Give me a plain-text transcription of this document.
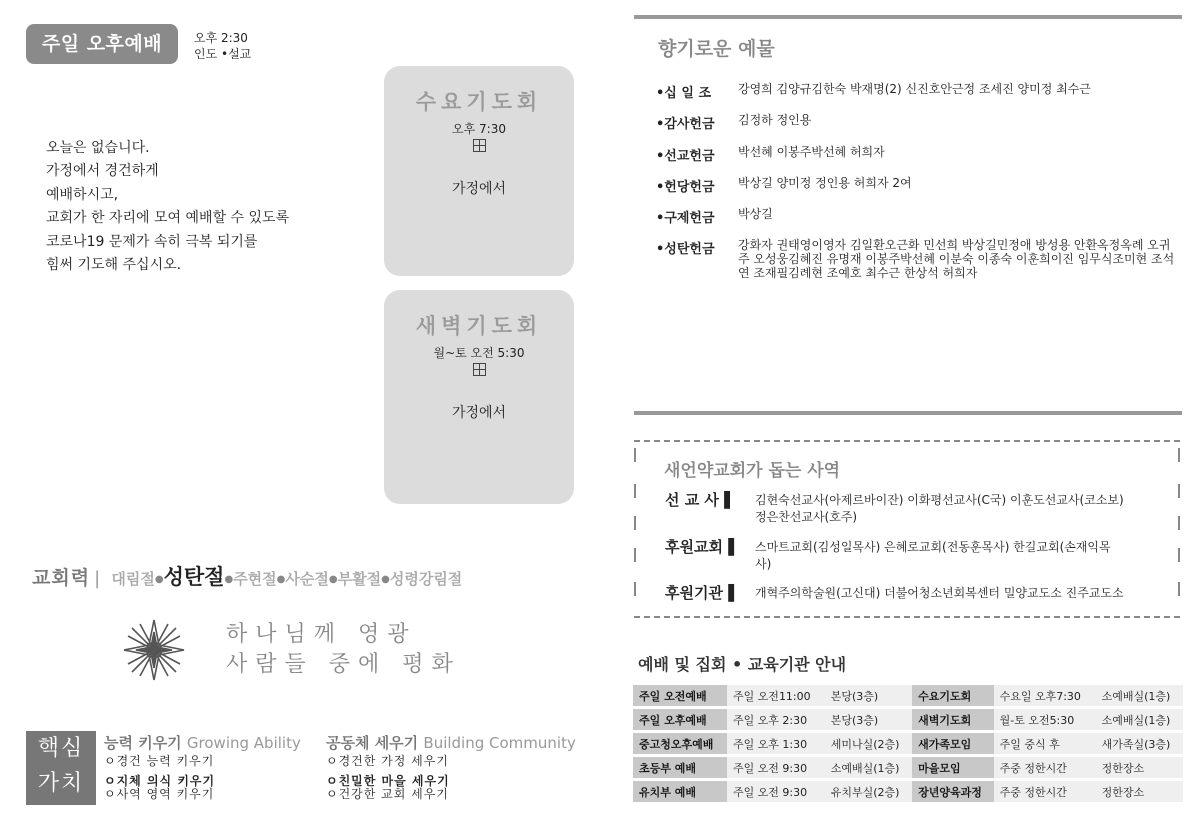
주일 오후예배	오후 2:30
인도 •설교
오늘은 없습니다.
가정에서 경건하게
예배하시고,
교회가 한 자리에 모여 예배할 수 있도록
코로나19 문제가 속히 극복 되기를
힘써 기도해 주십시오.
수요기도회
오후 7:30
가정에서
새벽기도회
월~토 오전 5:30
가정에서
교회력 | 대림절●성탄절●주현절●사순절●부활절●성령강림절
하나님께 영광
사람들 중에 평화
핵심
가치
능력 키우기 Growing Ability
ㅇ경건 능력 키우기
ㅇ지체 의식 키우기
ㅇ사역 영역 키우기
공동체 세우기 Building Community
ㅇ경건한 가정 세우기
ㅇ친밀한 마을 세우기
ㅇ건강한 교회 세우기
향기로운 예물
•십 일 조	강영희 김양규김한숙 박재명(2) 신진호안근정 조세진 양미정 최수근
•감사헌금	김정하 정인용
•선교헌금	박선혜 이봉주박선혜 허희자
•헌당헌금	박상길 양미정 정인용 허희자 2여
•구제헌금	박상길
•성탄헌금	강화자 권태영이영자 김일환오근화 민선희 박상길민정애 방성용 안환옥정옥례 오귀주 오성웅김혜진 유명재 이봉주박선혜 이분숙 이종숙 이훈희이진 임무식조미현 조석연 조재필김례현 조예호 최수근 한상석 허희자
새언약교회가 돕는 사역
선 교 사 ▌	김현숙선교사(아제르바이잔) 이화평선교사(C국) 이훈도선교사(코소보) 정은찬선교사(호주)
후원교회 ▌	스마트교회(김성일목사) 은혜로교회(전동훈목사) 한길교회(손재익목사)
후원기관 ▌	개혁주의학술원(고신대) 더불어청소년회복센터 밀양교도소 진주교도소
예배 및 집회 • 교육기관 안내
주일 오전예배	주일 오전11:00	본당(3층)	수요기도회	수요일 오후7:30	소예배실(1층)
주일 오후예배	주일 오후 2:30	본당(3층)	새벽기도회	월-토 오전5:30	소예배실(1층)
중고청오후예배	주일 오후 1:30	세미나실(2층)	새가족모임	주일 중식 후	새가족실(3층)
초등부 예배	주일 오전 9:30	소예배실(1층)	마을모임	주중 정한시간	정한장소
유치부 예배	주일 오전 9:30	유치부실(2층)	장년양육과정	주중 정한시간	정한장소
